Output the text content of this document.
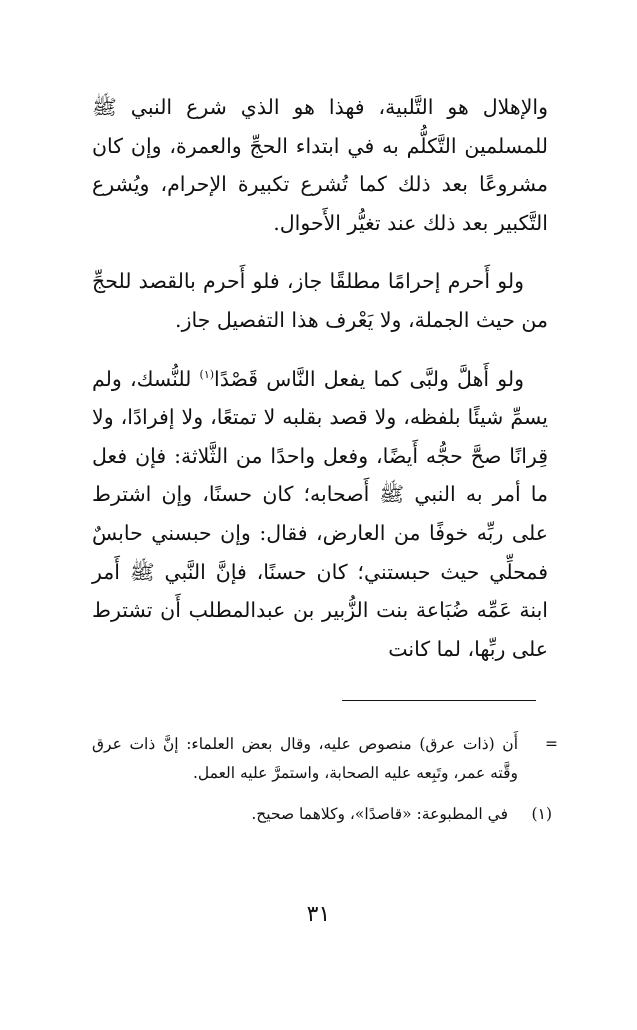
والإهلال هو التَّلبية، فهذا هو الذي شرع النبي ﷺ للمسلمين التَّكلُّم به في ابتداء الحجِّ والعمرة، وإن كان مشروعًا بعد ذلك كما تُشرع تكبيرة الإحرام، ويُشرع التَّكبير بعد ذلك عند تغيُّر الأَحوال.

ولو أَحرم إحرامًا مطلقًا جاز، فلو أَحرم بالقصد للحجِّ من حيث الجملة، ولا يَعْرف هذا التفصيل جاز.

ولو أَهلَّ ولبَّى كما يفعل النَّاس قَصْدًا$^{(١)}$ للنُّسك، ولم يسمِّ شيئًا بلفظه، ولا قصد بقلبه لا تمتعًا، ولا إفرادًا، ولا قِرانًا صحَّ حجُّه أَيضًا، وفعل واحدًا من الثَّلاثة: فإن فعل ما أمر به النبي ﷺ أَصحابه؛ كان حسنًا، وإن اشترط على ربِّه خوفًا من العارض، فقال: وإن حبسني حابسٌ فمحلِّي حيث حبستني؛ كان حسنًا، فإنَّ النَّبي ﷺ أَمر ابنة عَمِّه ضُبَاعة بنت الزُّبير بن عبدالمطلب أَن تشترط على ربِّها، لما كانت

=
أَن (ذات عرق) منصوص عليه، وقال بعض العلماء: إنَّ ذات عرق وقَّته عمر، وتَبِعه عليه الصحابة، واستمرَّ عليه العمل.
(١)
في المطبوعة: «قاصدًا»، وكلاهما صحيح.
٣١
